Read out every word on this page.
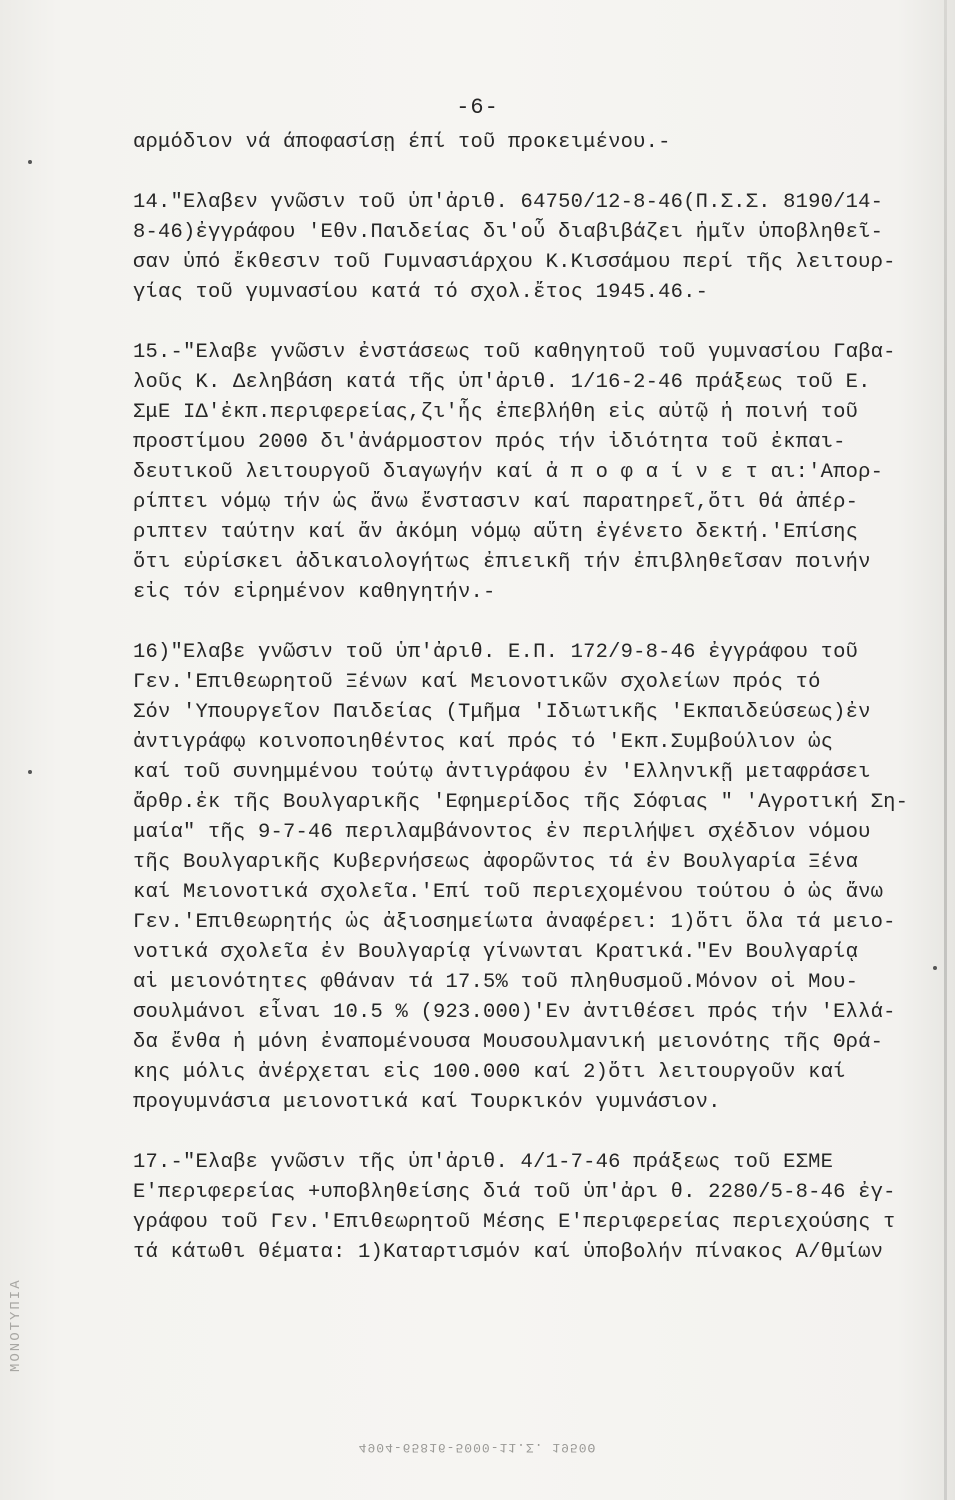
-6-
αρμόδιον νά άποφασίσῃ έπί τοῦ προκειμένου.-
14."Ελαβεν γνῶσιν τοῦ ὑπ'ἀριθ. 64750/12-8-46(Π.Σ.Σ. 8190/14-
8-46)ἐγγράφου 'Εθν.Παιδείας δι'οὗ διαβιβάζει ἡμῖν ὑποβληθεῖ-
σαν ὑπό ἔκθεσιν τοῦ Γυμνασιάρχου Κ.Κισσάμου περί τῆς λειτουρ-
γίας τοῦ γυμνασίου κατά τό σχολ.ἔτος 1945.46.-
15.-"Ελαβε γνῶσιν ἐνστάσεως τοῦ καθηγητοῦ τοῦ γυμνασίου Γαβα-
λοῦς Κ. Δεληβάση κατά τῆς ὑπ'ἀριθ. 1/16-2-46 πράξεως τοῦ Ε.
ΣμΕ ΙΔ'ἐκπ.περιφερείας,ζι'ἧς ἐπεβλήθη εἰς αὐτῷ ἡ ποινή τοῦ
προστίμου 2000 δι'ἀνάρμοστον πρός τήν ἰδιότητα τοῦ ἐκπαι-
δευτικοῦ λειτουργοῦ διαγωγήν καί ἀ π ο φ α ί ν ε τ αι:'Απορ-
ρίπτει νόμῳ τήν ὡς ἄνω ἔνστασιν καί παρατηρεῖ,ὅτι θά ἀπέρ-
ριπτεν ταύτην καί ἄν ἀκόμη νόμῳ αὕτη ἐγένετο δεκτή.'Επίσης
ὅτι εὑρίσκει ἀδικαιολογήτως ἐπιεικῆ τήν ἐπιβληθεῖσαν ποινήν
εἰς τόν εἰρημένον καθηγητήν.-
16)"Ελαβε γνῶσιν τοῦ ὑπ'ἀριθ. Ε.Π. 172/9-8-46 ἐγγράφου τοῦ
Γεν.'Επιθεωρητοῦ Ξένων καί Μειονοτικῶν σχολείων πρός τό
Σόν 'Υπουργεῖον Παιδείας (Τμῆμα 'Ιδιωτικῆς 'Εκπαιδεύσεως)ἐν
ἀντιγράφῳ κοινοποιηθέντος καί πρός τό 'Εκπ.Συμβούλιον ὡς
καί τοῦ συνημμένου τούτῳ ἀντιγράφου ἐν 'Ελληνικῇ μεταφράσει
ἄρθρ.ἐκ τῆς Βουλγαρικῆς 'Εφημερίδος τῆς Σόφιας " 'Αγροτική Ση-
μαία" τῆς 9-7-46 περιλαμβάνοντος ἐν περιλήψει σχέδιον νόμου
τῆς Βουλγαρικῆς Κυβερνήσεως ἀφορῶντος τά ἐν Βουλγαρία Ξένα
καί Μειονοτικά σχολεῖα.'Επί τοῦ περιεχομένου τούτου ὁ ὡς ἄνω
Γεν.'Επιθεωρητής ὡς ἀξιοσημείωτα ἀναφέρει: 1)ὅτι ὅλα τά μειο-
νοτικά σχολεῖα ἐν Βουλγαρίᾳ γίνωνται Κρατικά."Εν Βουλγαρίᾳ
αἱ μειονότητες φθάναν τά 17.5% τοῦ πληθυσμοῦ.Μόνον οἱ Μου-
σουλμάνοι εἶναι 10.5 % (923.000)'Εν ἀντιθέσει πρός τήν 'Ελλά-
δα ἔνθα ἡ μόνη ἐναπομένουσα Μουσουλμανική μειονότης τῆς Θρά-
κης μόλις ἀνέρχεται εἰς 100.000 καί 2)ὅτι λειτουργοῦν καί
προγυμνάσια μειονοτικά καί Τουρκικόν γυμνάσιον.
17.-"Ελαβε γνῶσιν τῆς ὑπ'ἀριθ. 4/1-7-46 πράξεως τοῦ ΕΣΜΕ
Ε'περιφερείας +υποβληθείσης διά τοῦ ὑπ'ἀρι θ. 2280/5-8-46 ἐγ-
γράφου τοῦ Γεν.'Επιθεωρητοῦ Μέσης Ε'περιφερείας περιεχούσης τ
τά κάτωθι θέματα: 1)Καταρτισμόν καί ὑποβολήν πίνακος Α/θμίων
ΜΟΝΟΤΥΠΙΑ
4904-65816-5000-11.Σ. 1950Θ
